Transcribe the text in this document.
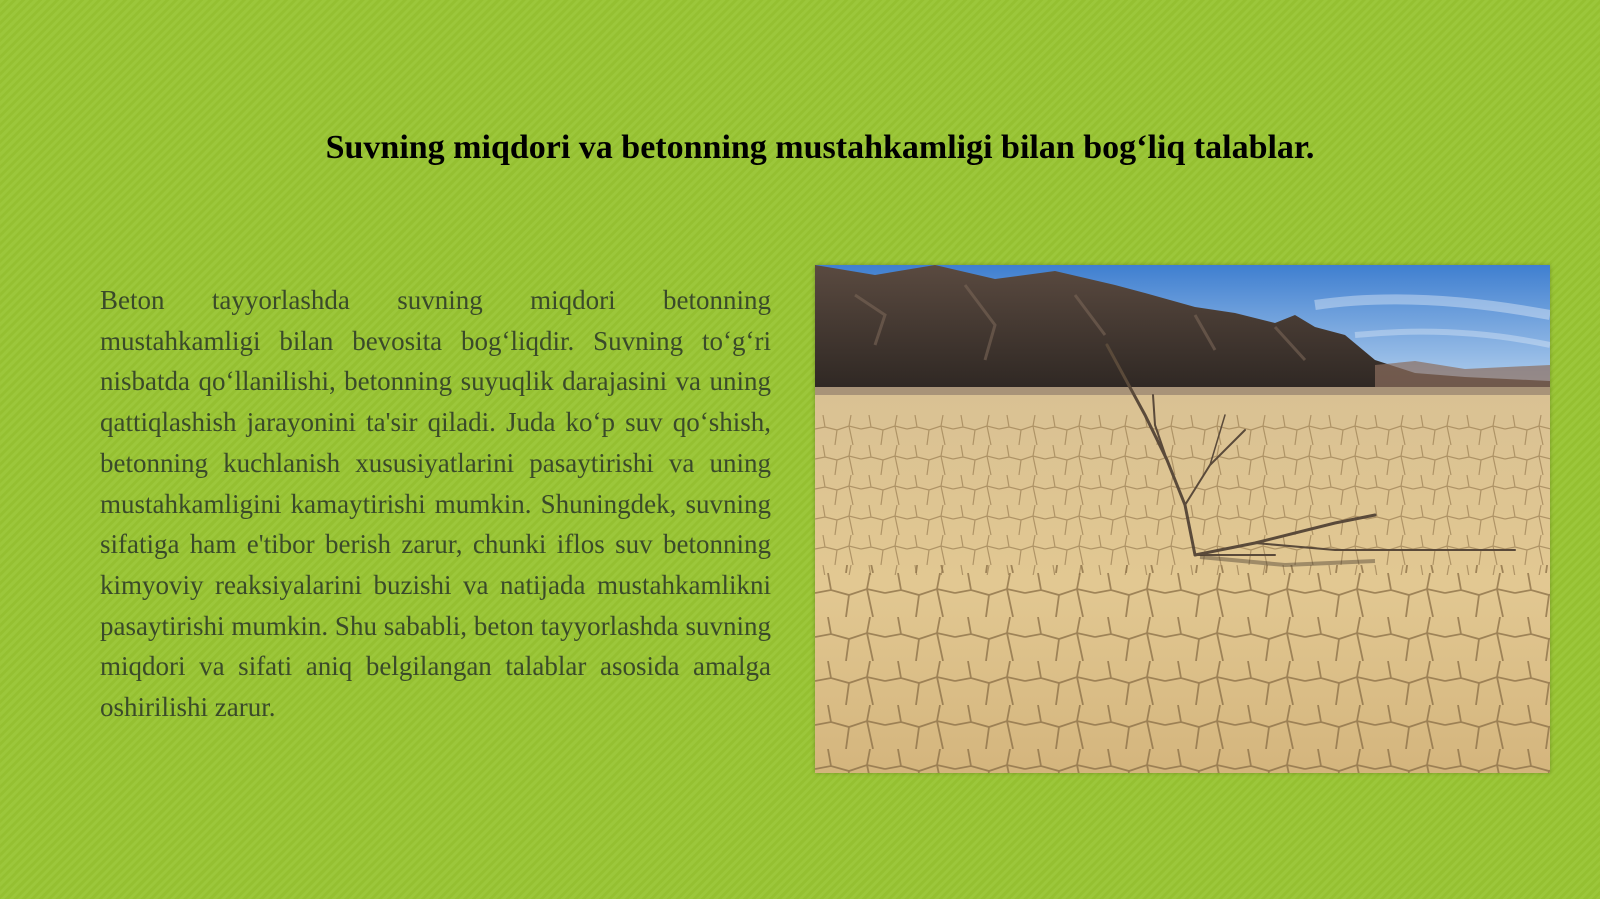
Suvning miqdori va betonning mustahkamligi bilan bog‘liq talablar.

Beton tayyorlashda suvning miqdori betonning mustahkamligi bilan bevosita bog‘liqdir. Suvning to‘g‘ri nisbatda qo‘llanilishi, betonning suyuqlik darajasini va uning qattiqlashish jarayonini ta'sir qiladi. Juda ko‘p suv qo‘shish, betonning kuchlanish xususiyatlarini pasaytirishi va uning mustahkamligini kamaytirishi mumkin. Shuningdek, suvning sifatiga ham e'tibor berish zarur, chunki iflos suv betonning kimyoviy reaksiyalarini buzishi va natijada mustahkamlikni pasaytirishi mumkin. Shu sababli, beton tayyorlashda suvning miqdori va sifati aniq belgilangan talablar asosida amalga oshirilishi zarur.
